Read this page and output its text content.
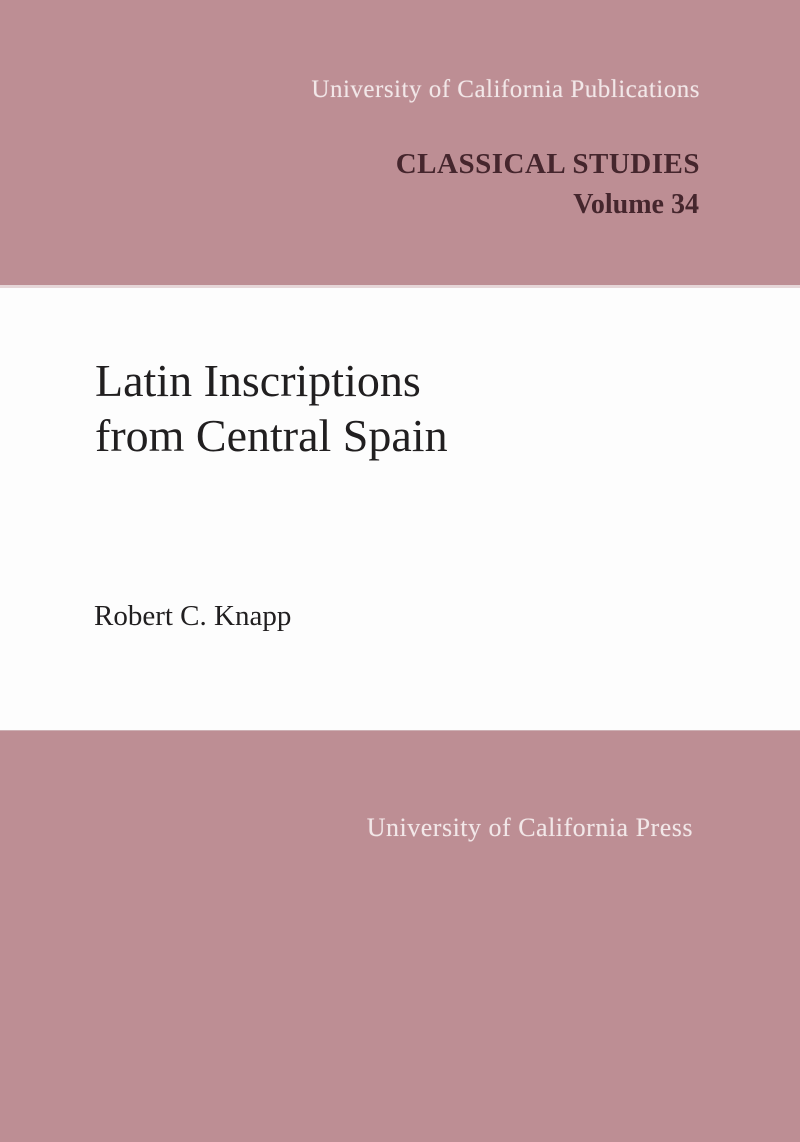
University of California Publications
CLASSICAL STUDIES
Volume 34
Latin Inscriptions
from Central Spain
Robert C. Knapp
University of California Press
